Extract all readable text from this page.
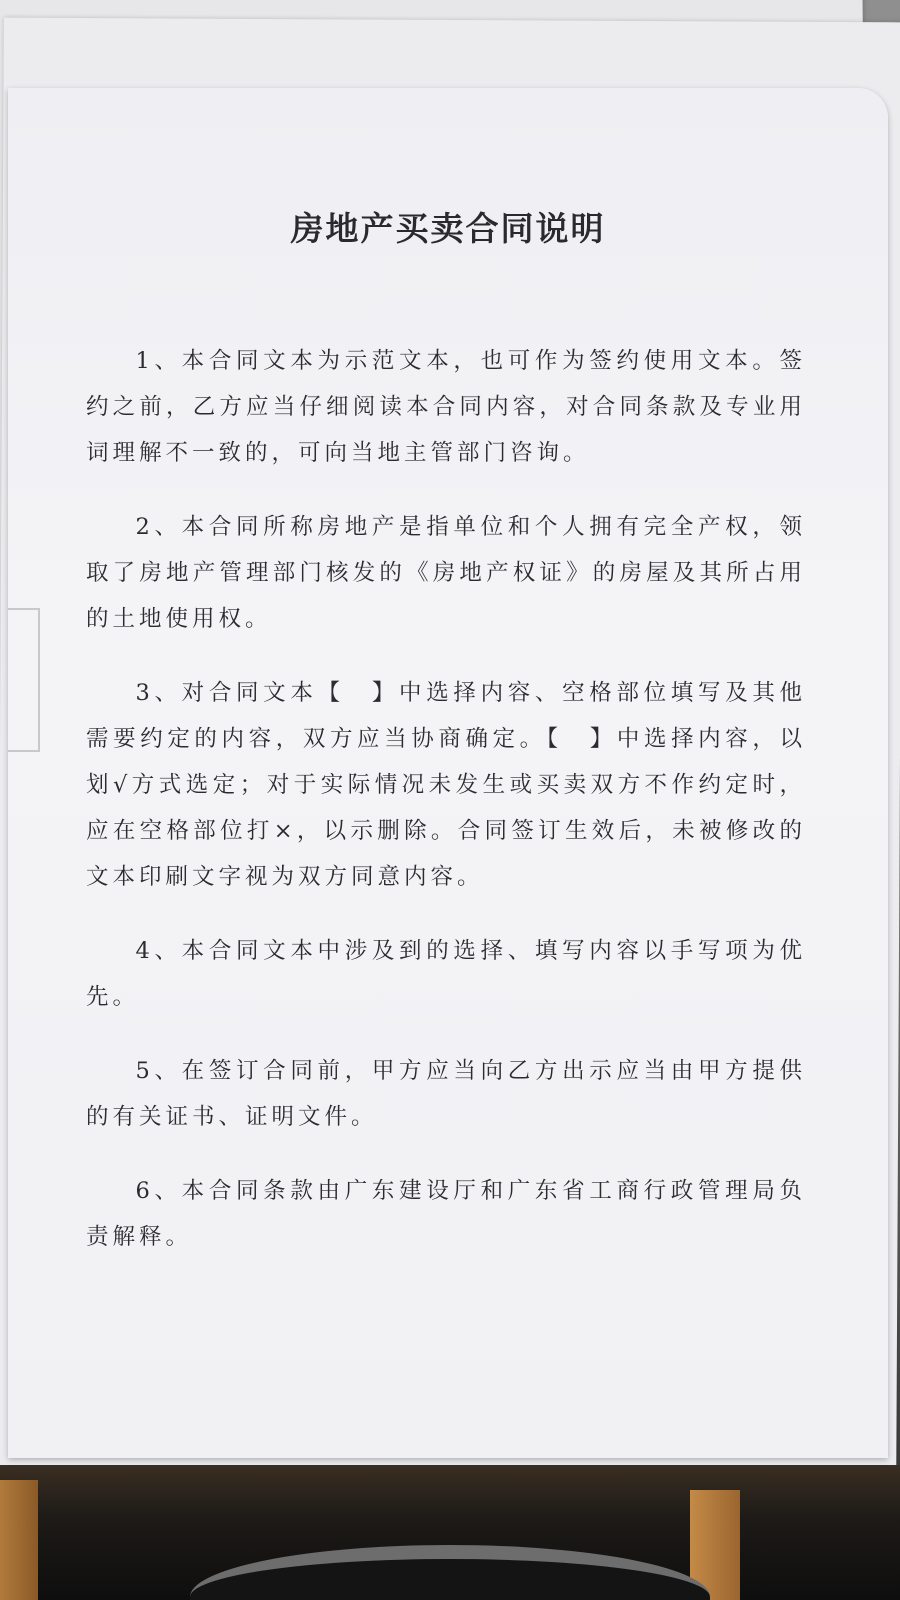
房地产买卖合同说明

1、本合同文本为示范文本，也可作为签约使用文本。签约之前，乙方应当仔细阅读本合同内容，对合同条款及专业用词理解不一致的，可向当地主管部门咨询。

2、本合同所称房地产是指单位和个人拥有完全产权，领取了房地产管理部门核发的《房地产权证》的房屋及其所占用的土地使用权。

3、对合同文本【　】中选择内容、空格部位填写及其他需要约定的内容，双方应当协商确定。【　】中选择内容，以划√方式选定；对于实际情况未发生或买卖双方不作约定时，应在空格部位打×，以示删除。合同签订生效后，未被修改的文本印刷文字视为双方同意内容。

4、本合同文本中涉及到的选择、填写内容以手写项为优先。

5、在签订合同前，甲方应当向乙方出示应当由甲方提供的有关证书、证明文件。

6、本合同条款由广东建设厅和广东省工商行政管理局负责解释。
